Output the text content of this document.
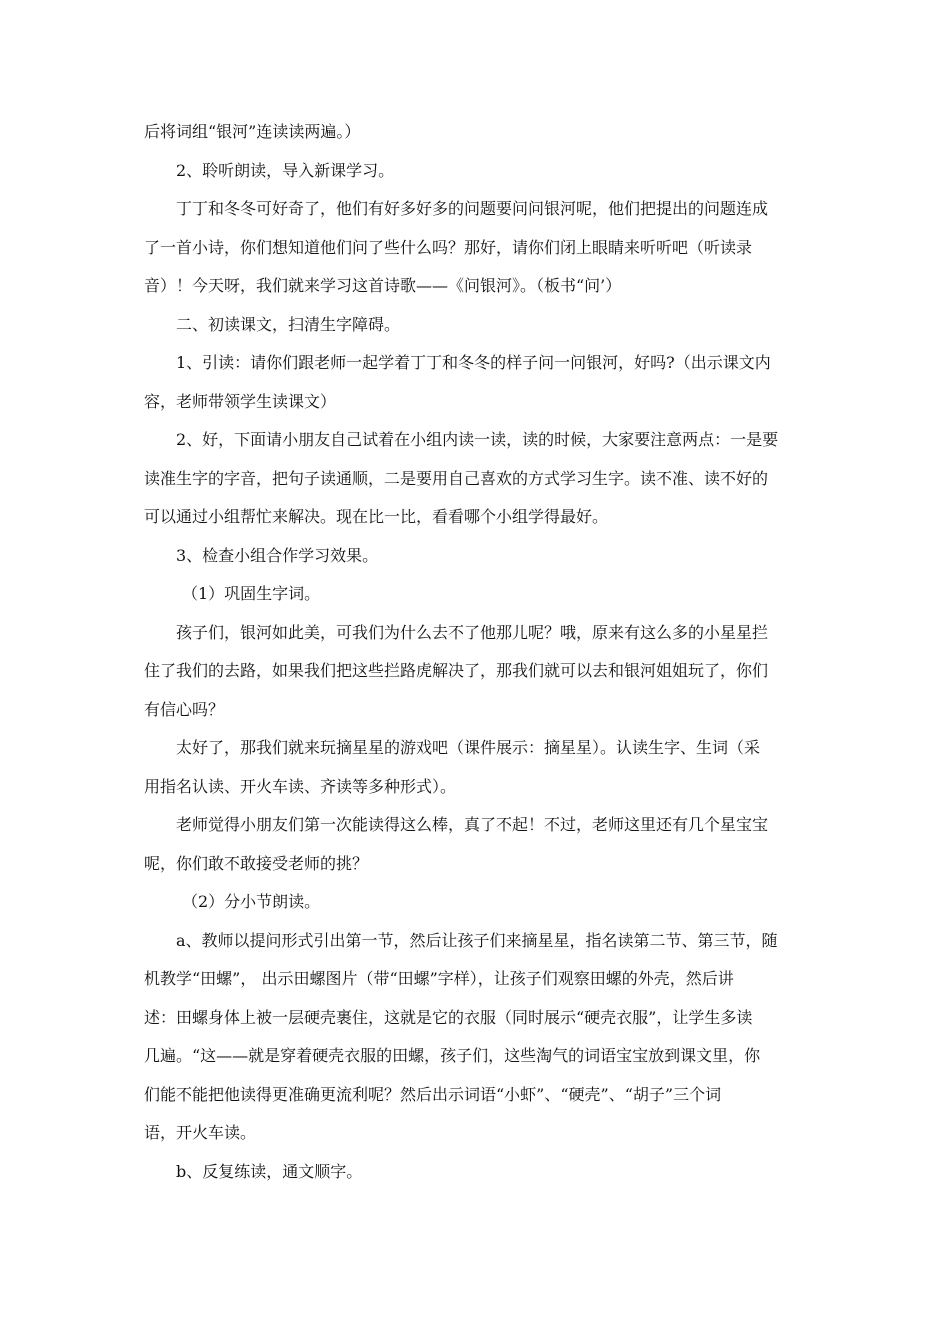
后将词组“银河”连读读两遍。）
2、聆听朗读，导入新课学习。
丁丁和冬冬可好奇了，他们有好多好多的问题要问问银河呢，他们把提出的问题连成
了一首小诗，你们想知道他们问了些什么吗？那好，请你们闭上眼睛来听听吧（听读录
音）！今天呀，我们就来学习这首诗歌——《问银河》。（板书“问’）
二、初读课文，扫清生字障碍。
1、引读：请你们跟老师一起学着丁丁和冬冬的样子问一问银河，好吗?（出示课文内
容，老师带领学生读课文）
2、好，下面请小朋友自己试着在小组内读一读，读的时候，大家要注意两点：一是要
读准生字的字音，把句子读通顺，二是要用自己喜欢的方式学习生字。读不准、读不好的
可以通过小组帮忙来解决。现在比一比，看看哪个小组学得最好。
3、检查小组合作学习效果。
（1）巩固生字词。
孩子们，银河如此美，可我们为什么去不了他那儿呢？哦，原来有这么多的小星星拦
住了我们的去路，如果我们把这些拦路虎解决了，那我们就可以去和银河姐姐玩了，你们
有信心吗？
太好了，那我们就来玩摘星星的游戏吧（课件展示：摘星星）。认读生字、生词（采
用指名认读、开火车读、齐读等多种形式）。
老师觉得小朋友们第一次能读得这么棒，真了不起！不过，老师这里还有几个星宝宝
呢，你们敢不敢接受老师的挑？
（2）分小节朗读。
a、教师以提问形式引出第一节，然后让孩子们来摘星星，指名读第二节、第三节，随
机教学“田螺”， 出示田螺图片（带“田螺”字样），让孩子们观察田螺的外壳，然后讲
述：田螺身体上被一层硬壳裹住，这就是它的衣服（同时展示“硬壳衣服”，让学生多读
几遍。“这——就是穿着硬壳衣服的田螺，孩子们，这些淘气的词语宝宝放到课文里，你
们能不能把他读得更准确更流利呢？然后出示词语“小虾”、“硬壳”、“胡子”三个词
语，开火车读。
b、反复练读，通文顺字。
